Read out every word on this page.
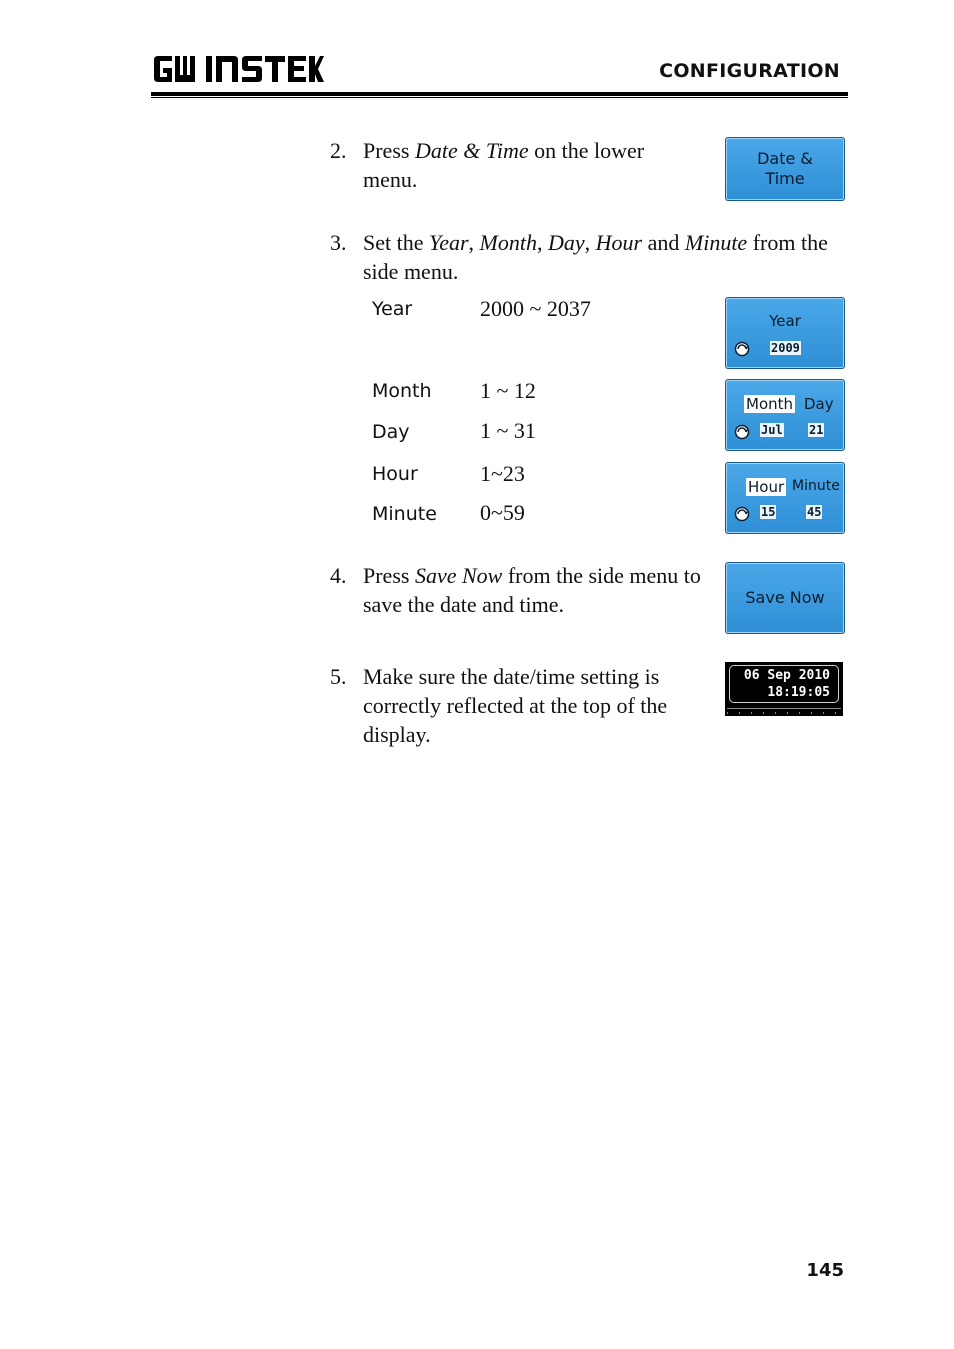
CONFIGURATION
2. Press Date & Time on the lower menu.
Date &
Time
3. Set the Year, Month, Day, Hour and Minute from the side menu.
Year	2000 ~ 2037
Month 1 ~ 12
Day	1 ~ 31
Hour	1~23
Minute 0~59
Year
2009
Month Day
Jul 21
Hour Minute
15	45
4. Press Save Now from the side menu to save the date and time.	Save Now
5. Make sure the date/time setting is correctly reflected at the top of the display.
06 Sep 2010
18:19:05
145
